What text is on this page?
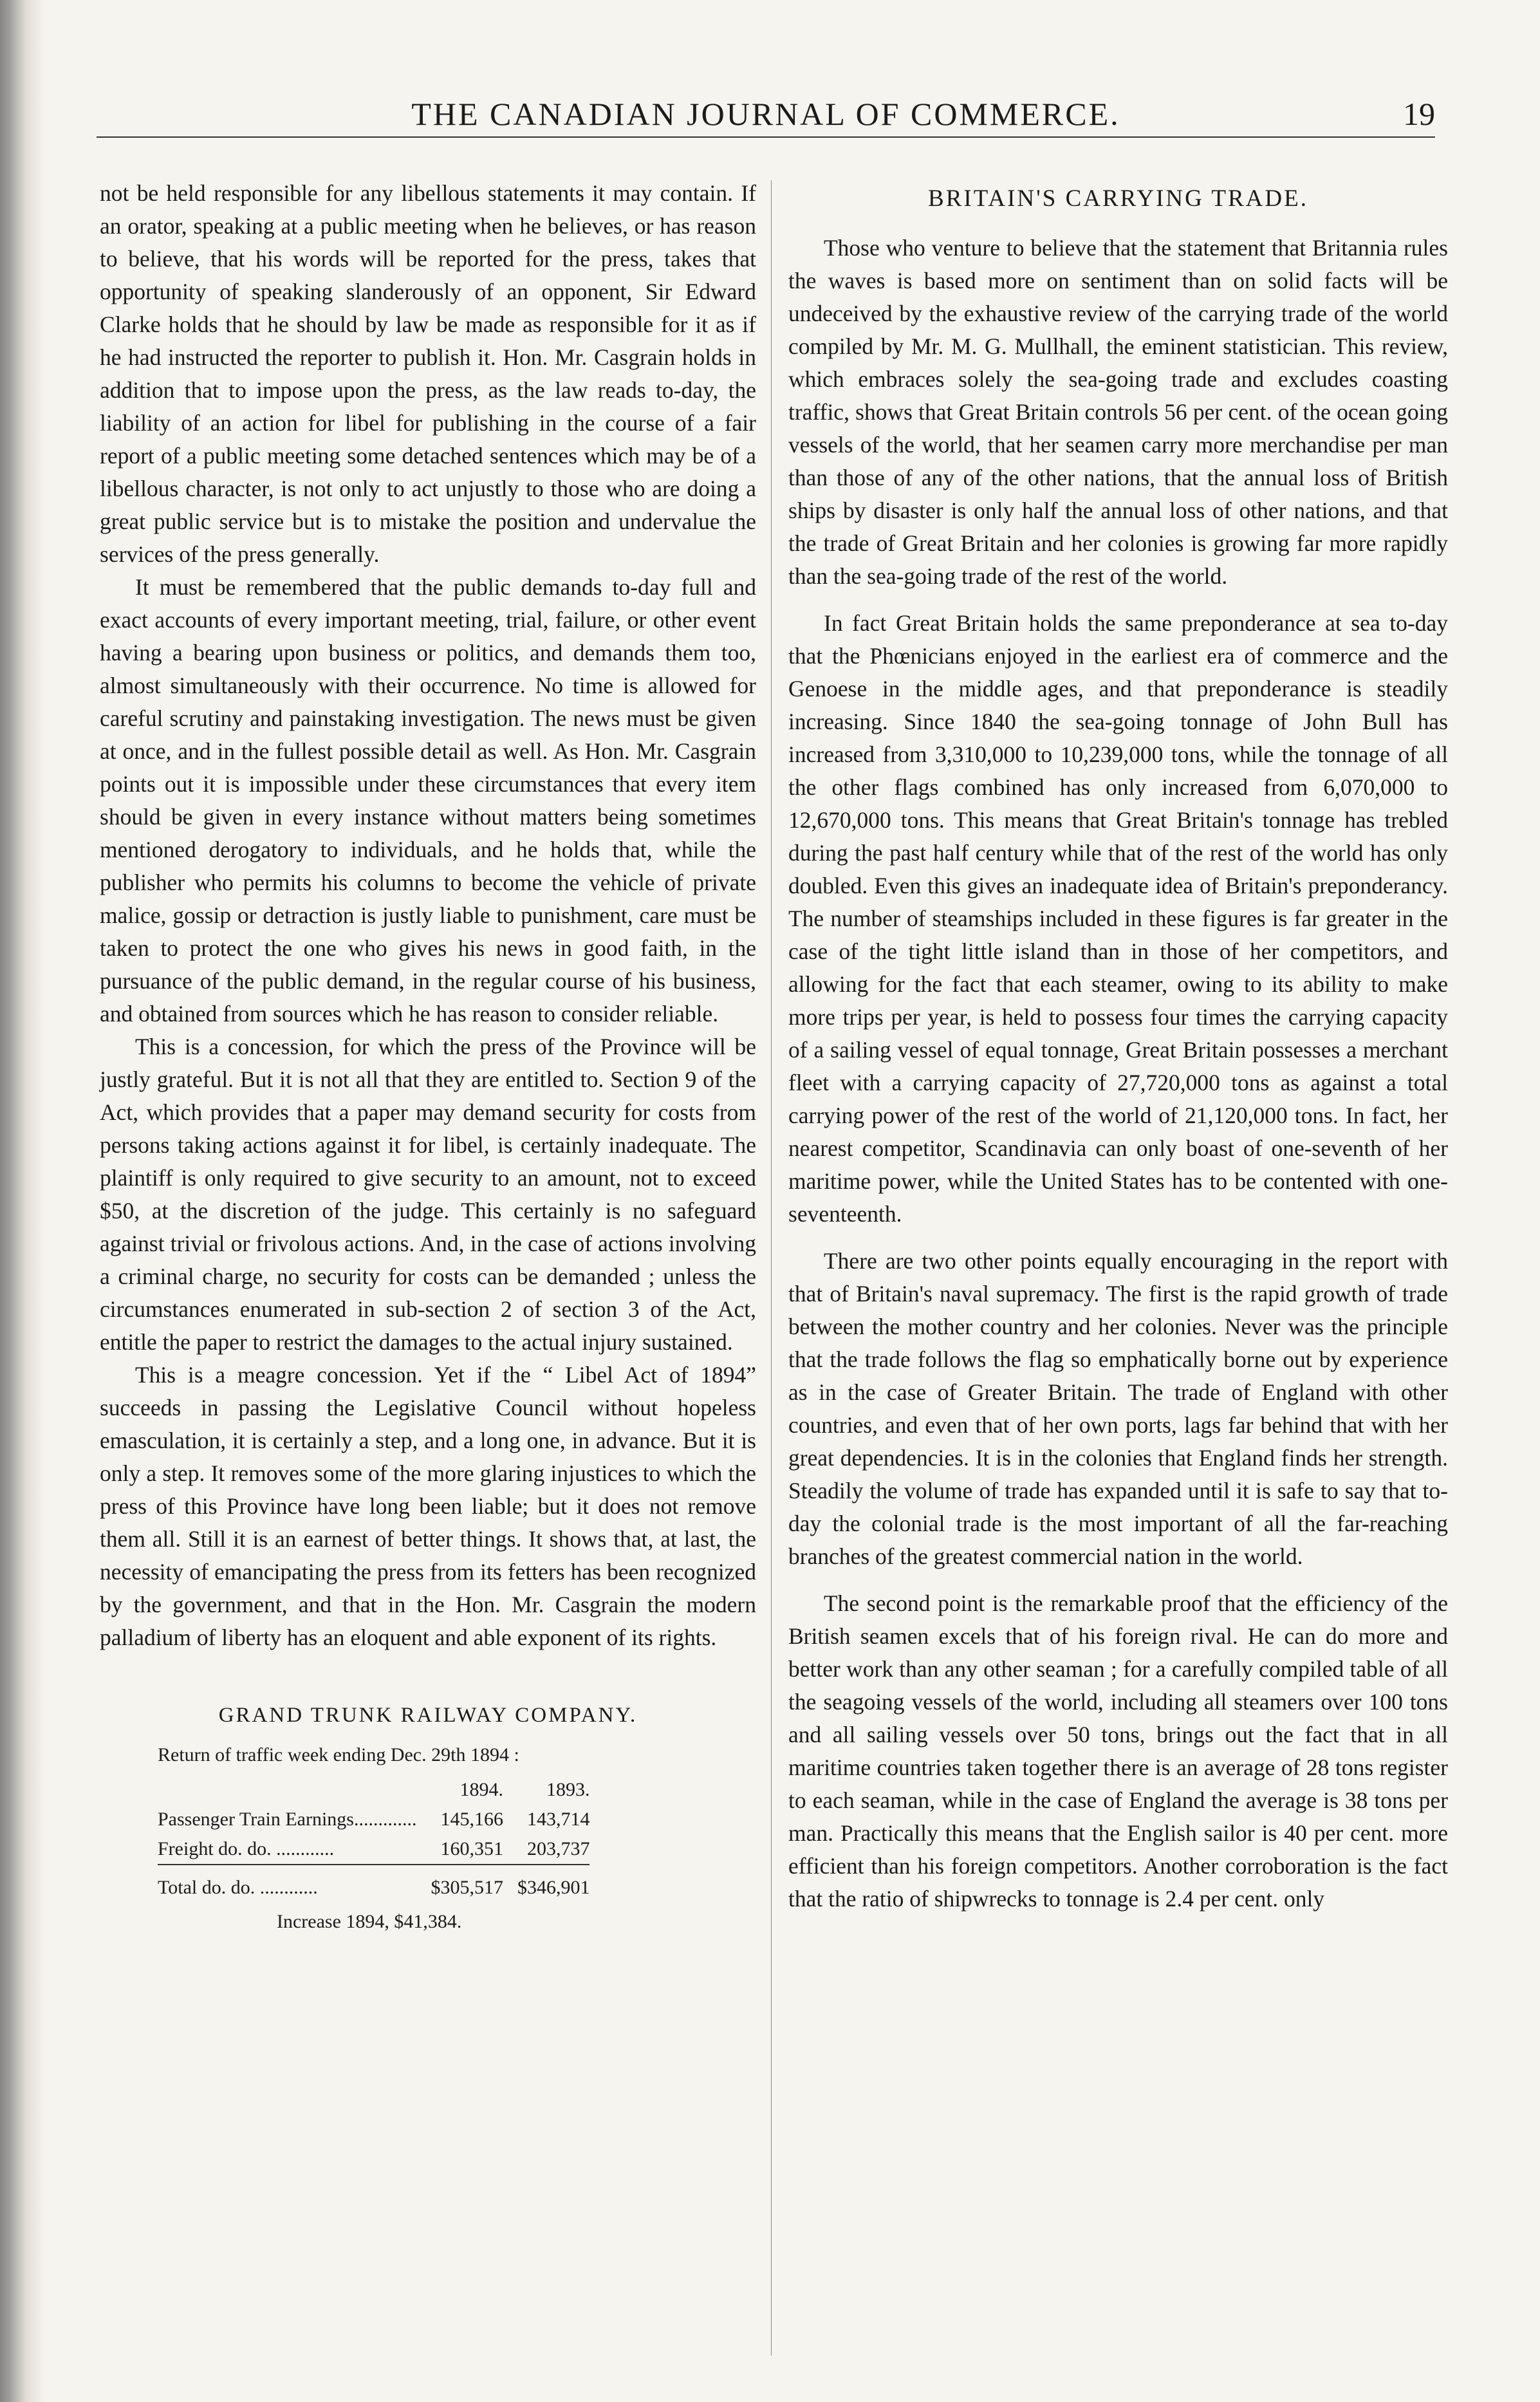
THE CANADIAN JOURNAL OF COMMERCE.	19

not be held responsible for any libellous statements it may contain. If an orator, speaking at a public meeting when he believes, or has reason to believe, that his words will be reported for the press, takes that opportunity of speaking slanderously of an opponent, Sir Edward Clarke holds that he should by law be made as responsible for it as if he had instructed the reporter to publish it. Hon. Mr. Casgrain holds in addition that to impose upon the press, as the law reads to-day, the liability of an action for libel for publishing in the course of a fair report of a public meeting some detached sentences which may be of a libellous character, is not only to act unjustly to those who are doing a great public service but is to mistake the position and undervalue the services of the press generally.

It must be remembered that the public demands to-day full and exact accounts of every important meeting, trial, failure, or other event having a bearing upon business or politics, and demands them too, almost simultaneously with their occurrence. No time is allowed for careful scrutiny and painstaking investigation. The news must be given at once, and in the fullest possible detail as well. As Hon. Mr. Casgrain points out it is impossible under these circumstances that every item should be given in every instance without matters being sometimes mentioned derogatory to individuals, and he holds that, while the publisher who permits his columns to become the vehicle of private malice, gossip or detraction is justly liable to punishment, care must be taken to protect the one who gives his news in good faith, in the pursuance of the public demand, in the regular course of his business, and obtained from sources which he has reason to consider reliable.

This is a concession, for which the press of the Province will be justly grateful. But it is not all that they are entitled to. Section 9 of the Act, which provides that a paper may demand security for costs from persons taking actions against it for libel, is certainly inadequate. The plaintiff is only required to give security to an amount, not to exceed $50, at the discretion of the judge. This certainly is no safeguard against trivial or frivolous actions. And, in the case of actions involving a criminal charge, no security for costs can be demanded ; unless the circumstances enumerated in sub-section 2 of section 3 of the Act, entitle the paper to restrict the damages to the actual injury sustained.

This is a meagre concession. Yet if the “ Libel Act of 1894” succeeds in passing the Legislative Council without hopeless emasculation, it is certainly a step, and a long one, in advance. But it is only a step. It removes some of the more glaring injustices to which the press of this Province have long been liable; but it does not remove them all. Still it is an earnest of better things. It shows that, at last, the necessity of emancipating the press from its fetters has been recognized by the government, and that in the Hon. Mr. Casgrain the modern palladium of liberty has an eloquent and able exponent of its rights.

GRAND TRUNK RAILWAY COMPANY.
Return of traffic week ending Dec. 29th 1894 :
	1894.	1893.
Passenger Train Earnings.............	145,166	143,714
Freight do. do. ............	160,351	203,737
Total do. do. ............	$305,517	$346,901
Increase 1894, $41,384.
BRITAIN'S CARRYING TRADE.

Those who venture to believe that the statement that Britannia rules the waves is based more on sentiment than on solid facts will be undeceived by the exhaustive review of the carrying trade of the world compiled by Mr. M. G. Mullhall, the eminent statistician. This review, which embraces solely the sea-going trade and excludes coasting traffic, shows that Great Britain controls 56 per cent. of the ocean going vessels of the world, that her seamen carry more merchandise per man than those of any of the other nations, that the annual loss of British ships by disaster is only half the annual loss of other nations, and that the trade of Great Britain and her colonies is growing far more rapidly than the sea-going trade of the rest of the world.

In fact Great Britain holds the same preponderance at sea to-day that the Phœnicians enjoyed in the earliest era of commerce and the Genoese in the middle ages, and that preponderance is steadily increasing. Since 1840 the sea-going tonnage of John Bull has increased from 3,310,000 to 10,239,000 tons, while the tonnage of all the other flags combined has only increased from 6,070,000 to 12,670,000 tons. This means that Great Britain's tonnage has trebled during the past half century while that of the rest of the world has only doubled. Even this gives an inadequate idea of Britain's preponderancy. The number of steamships included in these figures is far greater in the case of the tight little island than in those of her competitors, and allowing for the fact that each steamer, owing to its ability to make more trips per year, is held to possess four times the carrying capacity of a sailing vessel of equal tonnage, Great Britain possesses a merchant fleet with a carrying capacity of 27,720,000 tons as against a total carrying power of the rest of the world of 21,120,000 tons. In fact, her nearest competitor, Scandinavia can only boast of one-seventh of her maritime power, while the United States has to be contented with one-seventeenth.

There are two other points equally encouraging in the report with that of Britain's naval supremacy. The first is the rapid growth of trade between the mother country and her colonies. Never was the principle that the trade follows the flag so emphatically borne out by experience as in the case of Greater Britain. The trade of England with other countries, and even that of her own ports, lags far behind that with her great dependencies. It is in the colonies that England finds her strength. Steadily the volume of trade has expanded until it is safe to say that to-day the colonial trade is the most important of all the far-reaching branches of the greatest commercial nation in the world.

The second point is the remarkable proof that the efficiency of the British seamen excels that of his foreign rival. He can do more and better work than any other seaman ; for a carefully compiled table of all the seagoing vessels of the world, including all steamers over 100 tons and all sailing vessels over 50 tons, brings out the fact that in all maritime countries taken together there is an average of 28 tons register to each seaman, while in the case of England the average is 38 tons per man. Practically this means that the English sailor is 40 per cent. more efficient than his foreign competitors. Another corroboration is the fact that the ratio of shipwrecks to tonnage is 2.4 per cent. only
